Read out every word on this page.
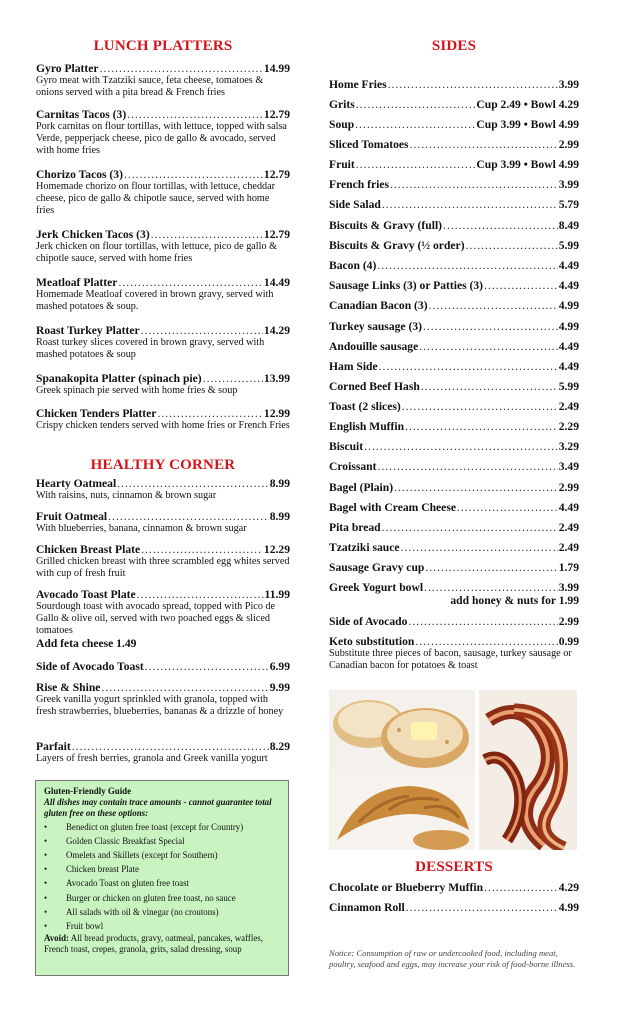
LUNCH PLATTERS
Gyro Platter .....	14.99
Gyro meat with Tzatziki sauce, feta cheese, tomatoes & onions served with a pita bread & French fries
Carnitas Tacos (3) .....	12.79
Pork carnitas on flour tortillas, with lettuce, topped with salsa Verde, pepperjack cheese, pico de gallo & avocado, served with home fries
Chorizo Tacos (3) .....	12.79
Homemade chorizo on flour tortillas, with lettuce, cheddar cheese, pico de gallo & chipotle sauce, served with home fries
Jerk Chicken Tacos (3) .....	12.79
Jerk chicken on flour tortillas, with lettuce, pico de gallo & chipotle sauce, served with home fries
Meatloaf Platter .....	14.49
Homemade Meatloaf covered in brown gravy, served with mashed potatoes & soup.
Roast Turkey Platter .....	14.29
Roast turkey slices covered in brown gravy, served with mashed potatoes & soup
Spanakopita Platter (spinach pie) .....	13.99
Greek spinach pie served with home fries & soup
Chicken Tenders Platter .....	12.99
Crispy chicken tenders served with home fries or French Fries
HEALTHY CORNER
Hearty Oatmeal .....	8.99
With raisins, nuts, cinnamon & brown sugar
Fruit Oatmeal .....	8.99
With blueberries, banana, cinnamon & brown sugar
Chicken Breast Plate .....	12.29
Grilled chicken breast with three scrambled egg whites served with cup of fresh fruit
Avocado Toast Plate .....	11.99
Sourdough toast with avocado spread, topped with Pico de Gallo & olive oil, served with two poached eggs & sliced tomatoes
Add feta cheese 1.49
Side of Avocado Toast .....	6.99
Rise & Shine .....	9.99
Greek vanilla yogurt sprinkled with granola, topped with fresh strawberries, blueberries, bananas & a drizzle of honey
Parfait .....	8.29
Layers of fresh berries, granola and Greek vanilla yogurt
Gluten-Friendly Guide
All dishes may contain trace amounts - cannot guarantee total gluten free on these options:
•	Benedict on gluten free toast (except for Country)
•	Golden Classic Breakfast Special
•	Omelets and Skillets (except for Southern)
•	Chicken breast Plate
•	Avocado Toast on gluten free toast
•	Burger or chicken on gluten free toast, no sauce
•	All salads with oil & vinegar (no croutons)
•	Fruit bowl
Avoid: All bread products, gravy, oatmeal, pancakes, waffles, French toast, crepes, granola, grits, salad dressing, soup
SIDES
Home Fries .....	3.99
Grits .....	Cup 2.49 • Bowl 4.29
Soup .....	Cup 3.99 • Bowl 4.99
Sliced Tomatoes .....	2.99
Fruit .....	Cup 3.99 • Bowl 4.99
French fries .....	3.99
Side Salad .....	5.79
Biscuits & Gravy (full) .....	8.49
Biscuits & Gravy (½ order) .....	5.99
Bacon (4) .....	4.49
Sausage Links (3) or Patties (3) .....	4.49
Canadian Bacon (3) .....	4.99
Turkey sausage (3) .....	4.99
Andouille sausage .....	4.49
Ham Side .....	4.49
Corned Beef Hash .....	5.99
Toast (2 slices) .....	2.49
English Muffin .....	2.29
Biscuit .....	3.29
Croissant .....	3.49
Bagel (Plain) .....	2.99
Bagel with Cream Cheese .....	4.49
Pita bread .....	2.49
Tzatziki sauce .....	2.49
Sausage Gravy cup .....	1.79
Greek Yogurt bowl .....	3.99
add honey & nuts for 1.99
Side of Avocado .....	2.99
Keto substitution .....	0.99
Substitute three pieces of bacon, sausage, turkey sausage or Canadian bacon for potatoes & toast
DESSERTS
Chocolate or Blueberry Muffin .....	4.29
Cinnamon Roll .....	4.99
Notice: Consumption of raw or undercooked food, including meat, poultry, seafood and eggs, may increase your risk of food-borne illness.
